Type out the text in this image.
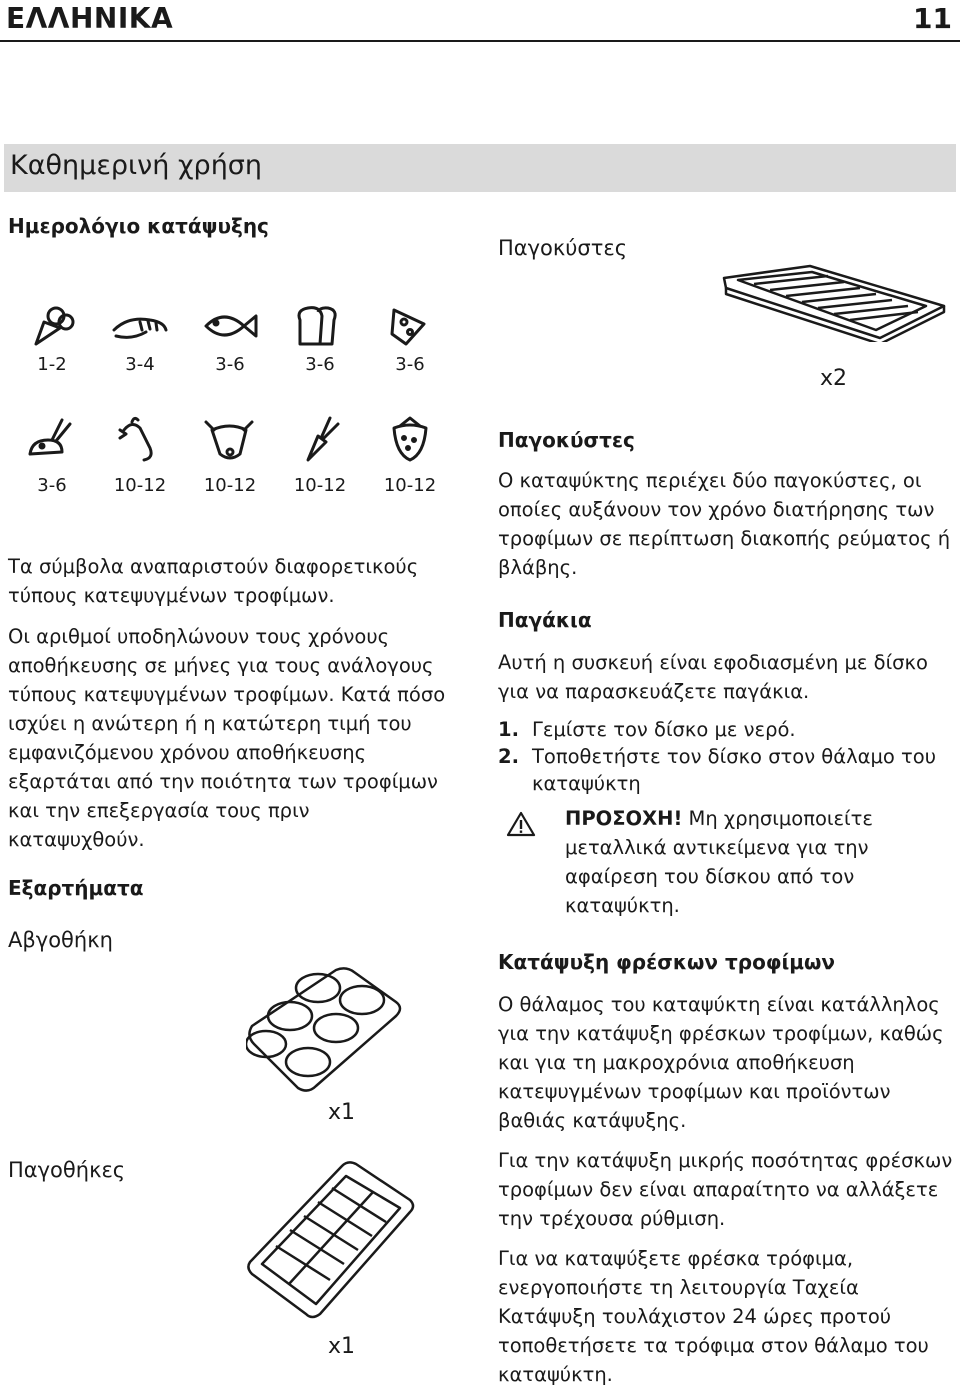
ΕΛΛΗΝΙΚΑ	11
Καθημερινή χρήση
Ημερολόγιο κατάψυξης
1-2	3-4	3-6	3-6	3-6
3-6	10-12	10-12	10-12	10-12
Τα σύμβολα αναπαριστούν διαφορετικούς τύπους κατεψυγμένων τροφίμων.
Οι αριθμοί υποδηλώνουν τους χρόνους αποθήκευσης σε μήνες για τους ανάλογους τύπους κατεψυγμένων τροφίμων. Κατά πόσο ισχύει η ανώτερη ή η κατώτερη τιμή του εμφανιζόμενου χρόνου αποθήκευσης εξαρτάται από την ποιότητα των τροφίμων και την επεξεργασία τους πριν καταψυχθούν.
Εξαρτήματα
Αβγοθήκη
x1
Παγοθήκες
x1
Παγοκύστες
x2
Παγοκύστες
Ο καταψύκτης περιέχει δύο παγοκύστες, οι οποίες αυξάνουν τον χρόνο διατήρησης των τροφίμων σε περίπτωση διακοπής ρεύματος ή βλάβης.
Παγάκια
Αυτή η συσκευή είναι εφοδιασμένη με δίσκο για να παρασκευάζετε παγάκια.
1. Γεμίστε τον δίσκο με νερό.
2. Τοποθετήστε τον δίσκο στον θάλαμο του καταψύκτη
ΠΡΟΣΟΧΗ! Μη χρησιμοποιείτε μεταλλικά αντικείμενα για την αφαίρεση του δίσκου από τον καταψύκτη.
Κατάψυξη φρέσκων τροφίμων
Ο θάλαμος του καταψύκτη είναι κατάλληλος για την κατάψυξη φρέσκων τροφίμων, καθώς και για τη μακροχρόνια αποθήκευση κατεψυγμένων τροφίμων και προϊόντων βαθιάς κατάψυξης.
Για την κατάψυξη μικρής ποσότητας φρέσκων τροφίμων δεν είναι απαραίτητο να αλλάξετε την τρέχουσα ρύθμιση.
Για να καταψύξετε φρέσκα τρόφιμα, ενεργοποιήστε τη λειτουργία Ταχεία Κατάψυξη τουλάχιστον 24 ώρες προτού τοποθετήσετε τα τρόφιμα στον θάλαμο του καταψύκτη.
